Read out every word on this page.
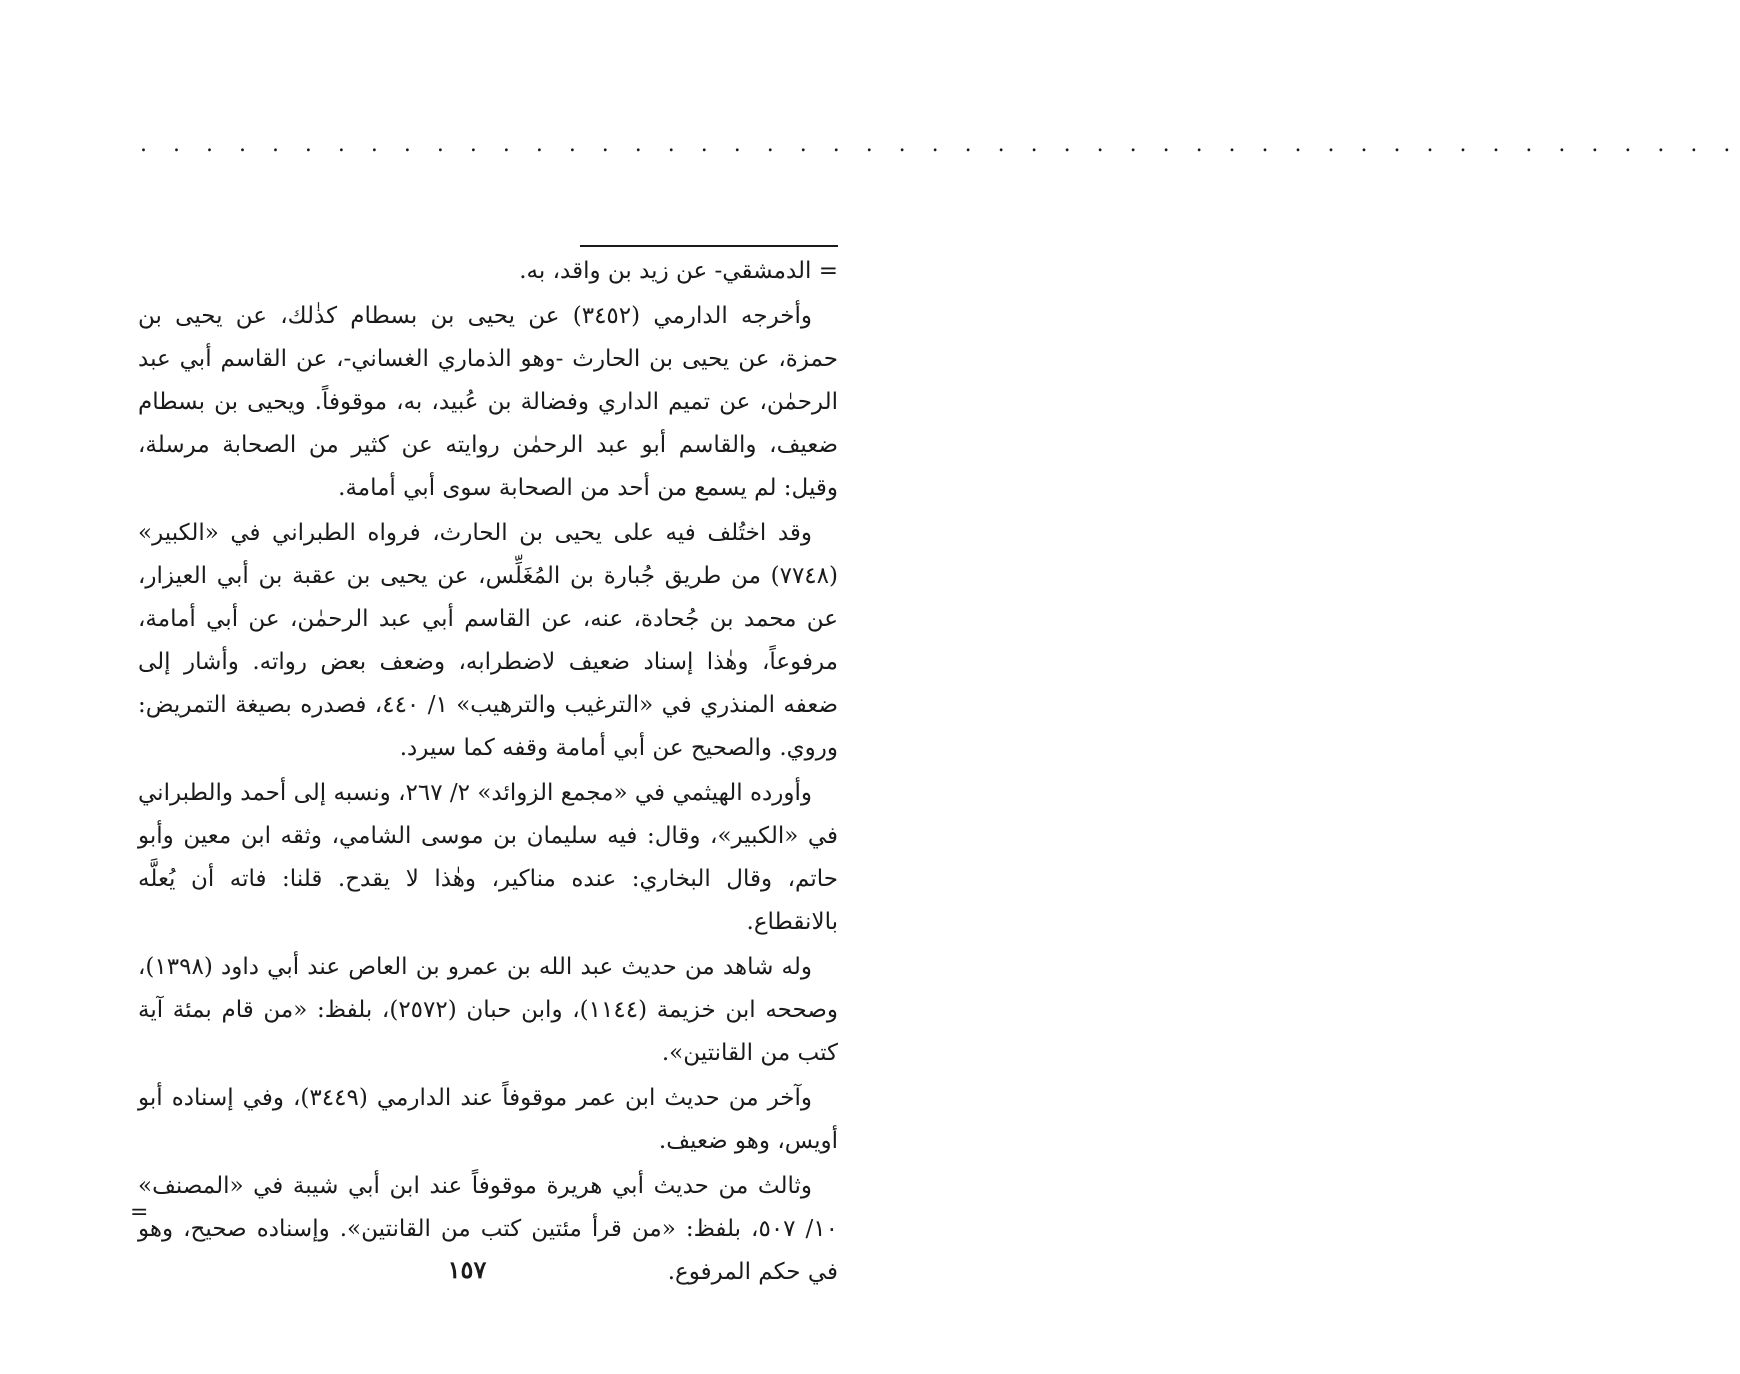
. . . . . . . . . . . . . . . . . . . . . . . . . . . . . . . . . . . . . . . . . . . . . . . . .

= الدمشقي- عن زيد بن واقد، به.

وأخرجه الدارمي (٣٤٥٢) عن يحيى بن بسطام كذٰلك، عن يحيى بن حمزة، عن يحيى بن الحارث -وهو الذماري الغساني-، عن القاسم أبي عبد الرحمٰن، عن تميم الداري وفضالة بن عُبيد، به، موقوفاً. ويحيى بن بسطام ضعيف، والقاسم أبو عبد الرحمٰن روايته عن كثير من الصحابة مرسلة، وقيل: لم يسمع من أحد من الصحابة سوى أبي أمامة.

وقد اختُلف فيه على يحيى بن الحارث، فرواه الطبراني في «الكبير» (٧٧٤٨) من طريق جُبارة بن المُغَلِّس، عن يحيى بن عقبة بن أبي العيزار، عن محمد بن جُحادة، عنه، عن القاسم أبي عبد الرحمٰن، عن أبي أمامة، مرفوعاً، وهٰذا إسناد ضعيف لاضطرابه، وضعف بعض رواته. وأشار إلى ضعفه المنذري في «الترغيب والترهيب» ١/ ٤٤٠، فصدره بصيغة التمريض: وروي. والصحيح عن أبي أمامة وقفه كما سيرد.

وأورده الهيثمي في «مجمع الزوائد» ٢/ ٢٦٧، ونسبه إلى أحمد والطبراني في «الكبير»، وقال: فيه سليمان بن موسى الشامي، وثقه ابن معين وأبو حاتم، وقال البخاري: عنده مناكير، وهٰذا لا يقدح. قلنا: فاته أن يُعلَّه بالانقطاع.

وله شاهد من حديث عبد الله بن عمرو بن العاص عند أبي داود (١٣٩٨)، وصححه ابن خزيمة (١١٤٤)، وابن حبان (٢٥٧٢)، بلفظ: «من قام بمئة آية كتب من القانتين».

وآخر من حديث ابن عمر موقوفاً عند الدارمي (٣٤٤٩)، وفي إسناده أبو أويس، وهو ضعيف.

وثالث من حديث أبي هريرة موقوفاً عند ابن أبي شيبة في «المصنف» ١٠/ ٥٠٧، بلفظ: «من قرأ مئتين كتب من القانتين». وإسناده صحيح، وهو في حكم المرفوع.

=
١٥٧
